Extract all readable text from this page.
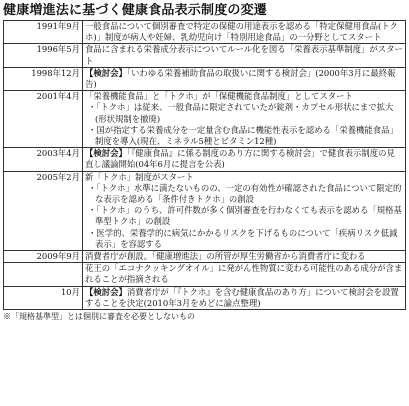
健康増進法に基づく健康食品表示制度の変遷
1991年9月	一般食品について個別審査で特定の保健の用途表示を認める「特定保健用食品(トクホ)」制度が病人や妊婦、乳幼児向け「特別用途食品」の一分野としてスタート

1996年5月	食品に含まれる栄養成分表示についてルール化を図る「栄養表示基準制度」がスタート

1998年12月	【検討会】「いわゆる栄養補助食品の取扱いに関する検討会」(2000年3月に最終報告)

2001年4月	「栄養機能食品」と「トクホ」が「保健機能食品制度」としてスタート
・「トクホ」は従来、一般食品に限定されていたが錠剤・カプセル形状にまで拡大(形状規制を撤廃)
・国が指定する栄養成分を一定量含む食品に機能性表示を認める「栄養機能食品」制度を導入(現在、ミネラル5種とビタミン12種)

2003年4月	【検討会】「『健康食品』に係る制度のあり方に関する検討会」で健食表示制度の見直し議論開始(04年6月に提言を公表)

2005年2月	新「トクホ」制度がスタート
・「トクホ」水準に満たないものの、一定の有効性が確認された食品について限定的な表示を認める「条件付きトクホ」の創設
・「トクホ」のうち、許可件数が多く個別審査を行わなくても表示を認める「規格基準型トクホ」の創設
・医学的、栄養学的に病気にかかるリスクを下げるものについて「疾病リスク低減表示」を容認する

2009年9月	消費者庁が創設。「健康増進法」の所管が厚生労働省から消費者庁に変わる

	花王の「エコナクッキングオイル」に発がん性物質に変わる可能性のある成分が含まれることが指摘される

10月	【検討会】消費者庁が「『トクホ』を含む健康食品のあり方」について検討会を設置することを決定(2010年3月をめどに論点整理)
※「規格基準型」とは個別に審査を必要としないもの
